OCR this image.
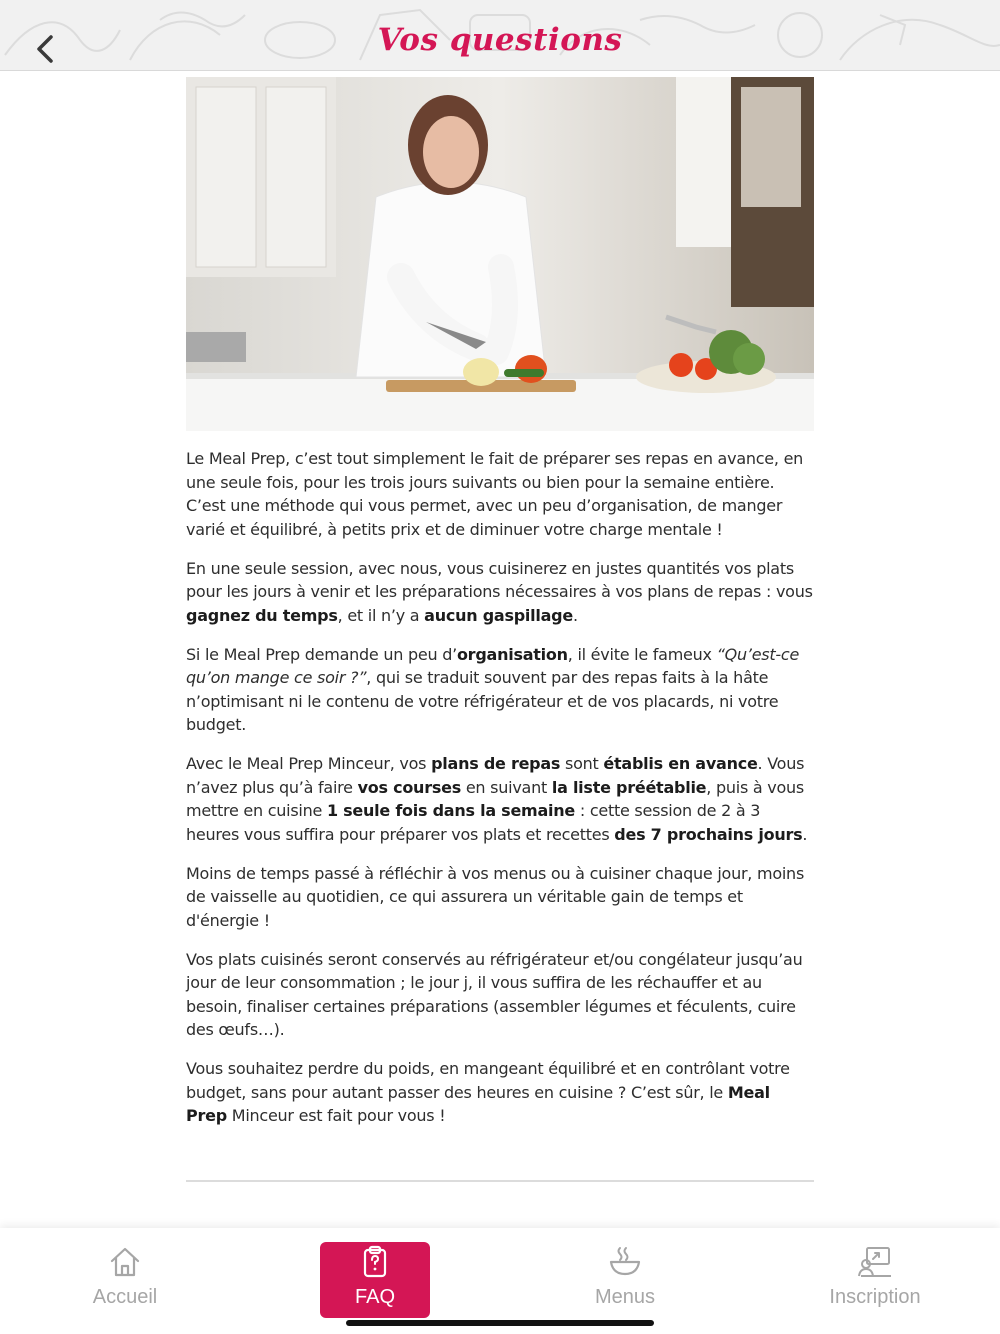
Vos questions

Le Meal Prep, c’est tout simplement le fait de préparer ses repas en avance, en une seule fois, pour les trois jours suivants ou bien pour la semaine entière. C’est une méthode qui vous permet, avec un peu d’organisation, de manger varié et équilibré, à petits prix et de diminuer votre charge mentale !

En une seule session, avec nous, vous cuisinerez en justes quantités vos plats pour les jours à venir et les préparations nécessaires à vos plans de repas : vous gagnez du temps, et il n’y a aucun gaspillage.

Si le Meal Prep demande un peu d’organisation, il évite le fameux “Qu’est-ce qu’on mange ce soir ?”, qui se traduit souvent par des repas faits à la hâte n’optimisant ni le contenu de votre réfrigérateur et de vos placards, ni votre budget.

Avec le Meal Prep Minceur, vos plans de repas sont établis en avance. Vous n’avez plus qu’à faire vos courses en suivant la liste préétablie, puis à vous mettre en cuisine 1 seule fois dans la semaine : cette session de 2 à 3 heures vous suffira pour préparer vos plats et recettes des 7 prochains jours.

Moins de temps passé à réfléchir à vos menus ou à cuisiner chaque jour, moins de vaisselle au quotidien, ce qui assurera un véritable gain de temps et d'énergie !

Vos plats cuisinés seront conservés au réfrigérateur et/ou congélateur jusqu’au jour de leur consommation ; le jour j, il vous suffira de les réchauffer et au besoin, finaliser certaines préparations (assembler légumes et féculents, cuire des œufs…).

Vous souhaitez perdre du poids, en mangeant équilibré et en contrôlant votre budget, sans pour autant passer des heures en cuisine ? C’est sûr, le Meal Prep Minceur est fait pour vous !

Accueil	FAQ	Menus	Inscription
